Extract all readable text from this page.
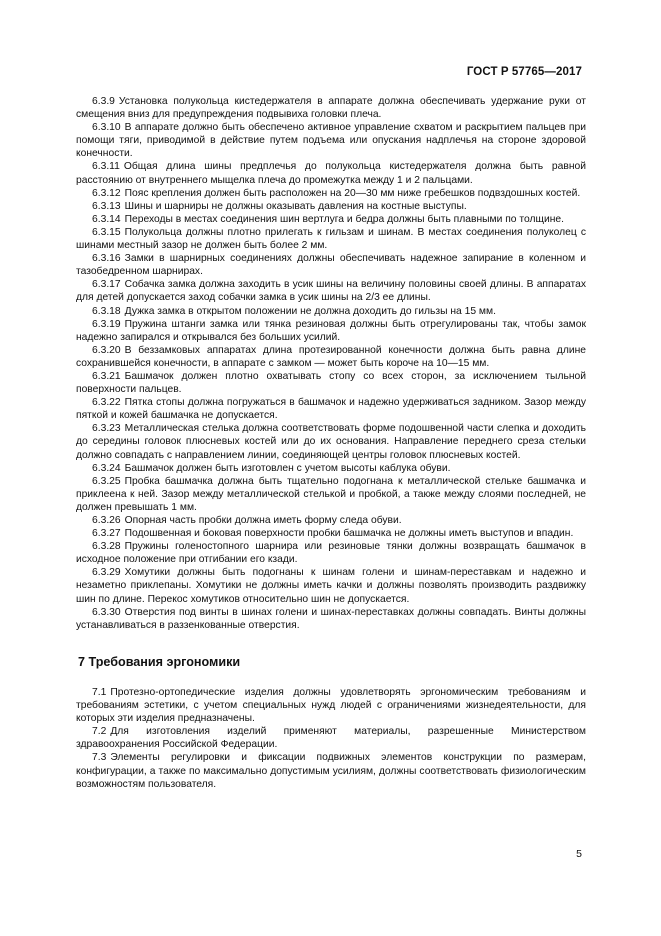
ГОСТ Р 57765—2017

6.3.9 Установка полукольца кистедержателя в аппарате должна обеспечивать удержание руки от смещения вниз для предупреждения подвывиха головки плеча.

6.3.10 В аппарате должно быть обеспечено активное управление схватом и раскрытием пальцев при помощи тяги, приводимой в действие путем подъема или опускания надплечья на стороне здоровой конечности.

6.3.11 Общая длина шины предплечья до полукольца кистедержателя должна быть равной расстоянию от внутреннего мыщелка плеча до промежутка между 1 и 2 пальцами.

6.3.12 Пояс крепления должен быть расположен на 20—30 мм ниже гребешков подвздошных костей.

6.3.13 Шины и шарниры не должны оказывать давления на костные выступы.

6.3.14 Переходы в местах соединения шин вертлуга и бедра должны быть плавными по толщине.

6.3.15 Полукольца должны плотно прилегать к гильзам и шинам. В местах соединения полуколец с шинами местный зазор не должен быть более 2 мм.

6.3.16 Замки в шарнирных соединениях должны обеспечивать надежное запирание в коленном и тазобедренном шарнирах.

6.3.17 Собачка замка должна заходить в усик шины на величину половины своей длины. В аппаратах для детей допускается заход собачки замка в усик шины на 2/3 ее длины.

6.3.18 Дужка замка в открытом положении не должна доходить до гильзы на 15 мм.

6.3.19 Пружина штанги замка или тянка резиновая должны быть отрегулированы так, чтобы замок надежно запирался и открывался без больших усилий.

6.3.20 В беззамковых аппаратах длина протезированной конечности должна быть равна длине сохранившейся конечности, в аппарате с замком — может быть короче на 10—15 мм.

6.3.21 Башмачок должен плотно охватывать стопу со всех сторон, за исключением тыльной поверхности пальцев.

6.3.22 Пятка стопы должна погружаться в башмачок и надежно удерживаться задником. Зазор между пяткой и кожей башмачка не допускается.

6.3.23 Металлическая стелька должна соответствовать форме подошвенной части слепка и доходить до середины головок плюсневых костей или до их основания. Направление переднего среза стельки должно совпадать с направлением линии, соединяющей центры головок плюсневых костей.

6.3.24 Башмачок должен быть изготовлен с учетом высоты каблука обуви.

6.3.25 Пробка башмачка должна быть тщательно подогнана к металлической стельке башмачка и приклеена к ней. Зазор между металлической стелькой и пробкой, а также между слоями последней, не должен превышать 1 мм.

6.3.26 Опорная часть пробки должна иметь форму следа обуви.

6.3.27 Подошвенная и боковая поверхности пробки башмачка не должны иметь выступов и впадин.

6.3.28 Пружины голеностопного шарнира или резиновые тянки должны возвращать башмачок в исходное положение при отгибании его кзади.

6.3.29 Хомутики должны быть подогнаны к шинам голени и шинам-переставкам и надежно и незаметно приклепаны. Хомутики не должны иметь качки и должны позволять производить раздвижку шин по длине. Перекос хомутиков относительно шин не допускается.

6.3.30 Отверстия под винты в шинах голени и шинах-переставках должны совпадать. Винты должны устанавливаться в раззенкованные отверстия.

7 Требования эргономики

7.1 Протезно-ортопедические изделия должны удовлетворять эргономическим требованиям и требованиям эстетики, с учетом специальных нужд людей с ограничениями жизнедеятельности, для которых эти изделия предназначены.

7.2 Для изготовления изделий применяют материалы, разрешенные Министерством здравоохранения Российской Федерации.

7.3 Элементы регулировки и фиксации подвижных элементов конструкции по размерам, конфигурации, а также по максимально допустимым усилиям, должны соответствовать физиологическим возможностям пользователя.

5
